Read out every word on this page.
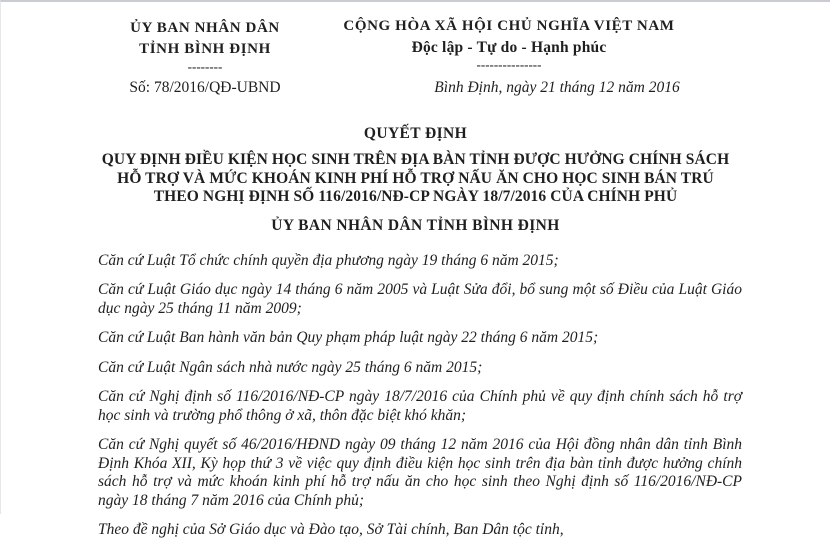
ỦY BAN NHÂN DÂN
TỈNH BÌNH ĐỊNH
--------
Số: 78/2016/QĐ-UBND
CỘNG HÒA XÃ HỘI CHỦ NGHĨA VIỆT NAM
Độc lập - Tự do - Hạnh phúc
---------------
Bình Định, ngày 21 tháng 12 năm 2016
QUYẾT ĐỊNH
QUY ĐỊNH ĐIỀU KIỆN HỌC SINH TRÊN ĐỊA BÀN TỈNH ĐƯỢC HƯỞNG CHÍNH SÁCH
HỖ TRỢ VÀ MỨC KHOÁN KINH PHÍ HỖ TRỢ NẤU ĂN CHO HỌC SINH BÁN TRÚ
THEO NGHỊ ĐỊNH SỐ 116/2016/NĐ-CP NGÀY 18/7/2016 CỦA CHÍNH PHỦ
ỦY BAN NHÂN DÂN TỈNH BÌNH ĐỊNH

Căn cứ Luật Tổ chức chính quyền địa phương ngày 19 tháng 6 năm 2015;

Căn cứ Luật Giáo dục ngày 14 tháng 6 năm 2005 và Luật Sửa đổi, bổ sung một số Điều của Luật Giáo dục ngày 25 tháng 11 năm 2009;

Căn cứ Luật Ban hành văn bản Quy phạm pháp luật ngày 22 tháng 6 năm 2015;

Căn cứ Luật Ngân sách nhà nước ngày 25 tháng 6 năm 2015;

Căn cứ Nghị định số 116/2016/NĐ-CP ngày 18/7/2016 của Chính phủ về quy định chính sách hỗ trợ học sinh và trường phổ thông ở xã, thôn đặc biệt khó khăn;

Căn cứ Nghị quyết số 46/2016/HĐND ngày 09 tháng 12 năm 2016 của Hội đồng nhân dân tỉnh Bình Định Khóa XII, Kỳ họp thứ 3 về việc quy định điều kiện học sinh trên địa bàn tỉnh được hưởng chính sách hỗ trợ và mức khoán kinh phí hỗ trợ nấu ăn cho học sinh theo Nghị định số 116/2016/NĐ-CP ngày 18 tháng 7 năm 2016 của Chính phủ;

Theo đề nghị của Sở Giáo dục và Đào tạo, Sở Tài chính, Ban Dân tộc tỉnh,
